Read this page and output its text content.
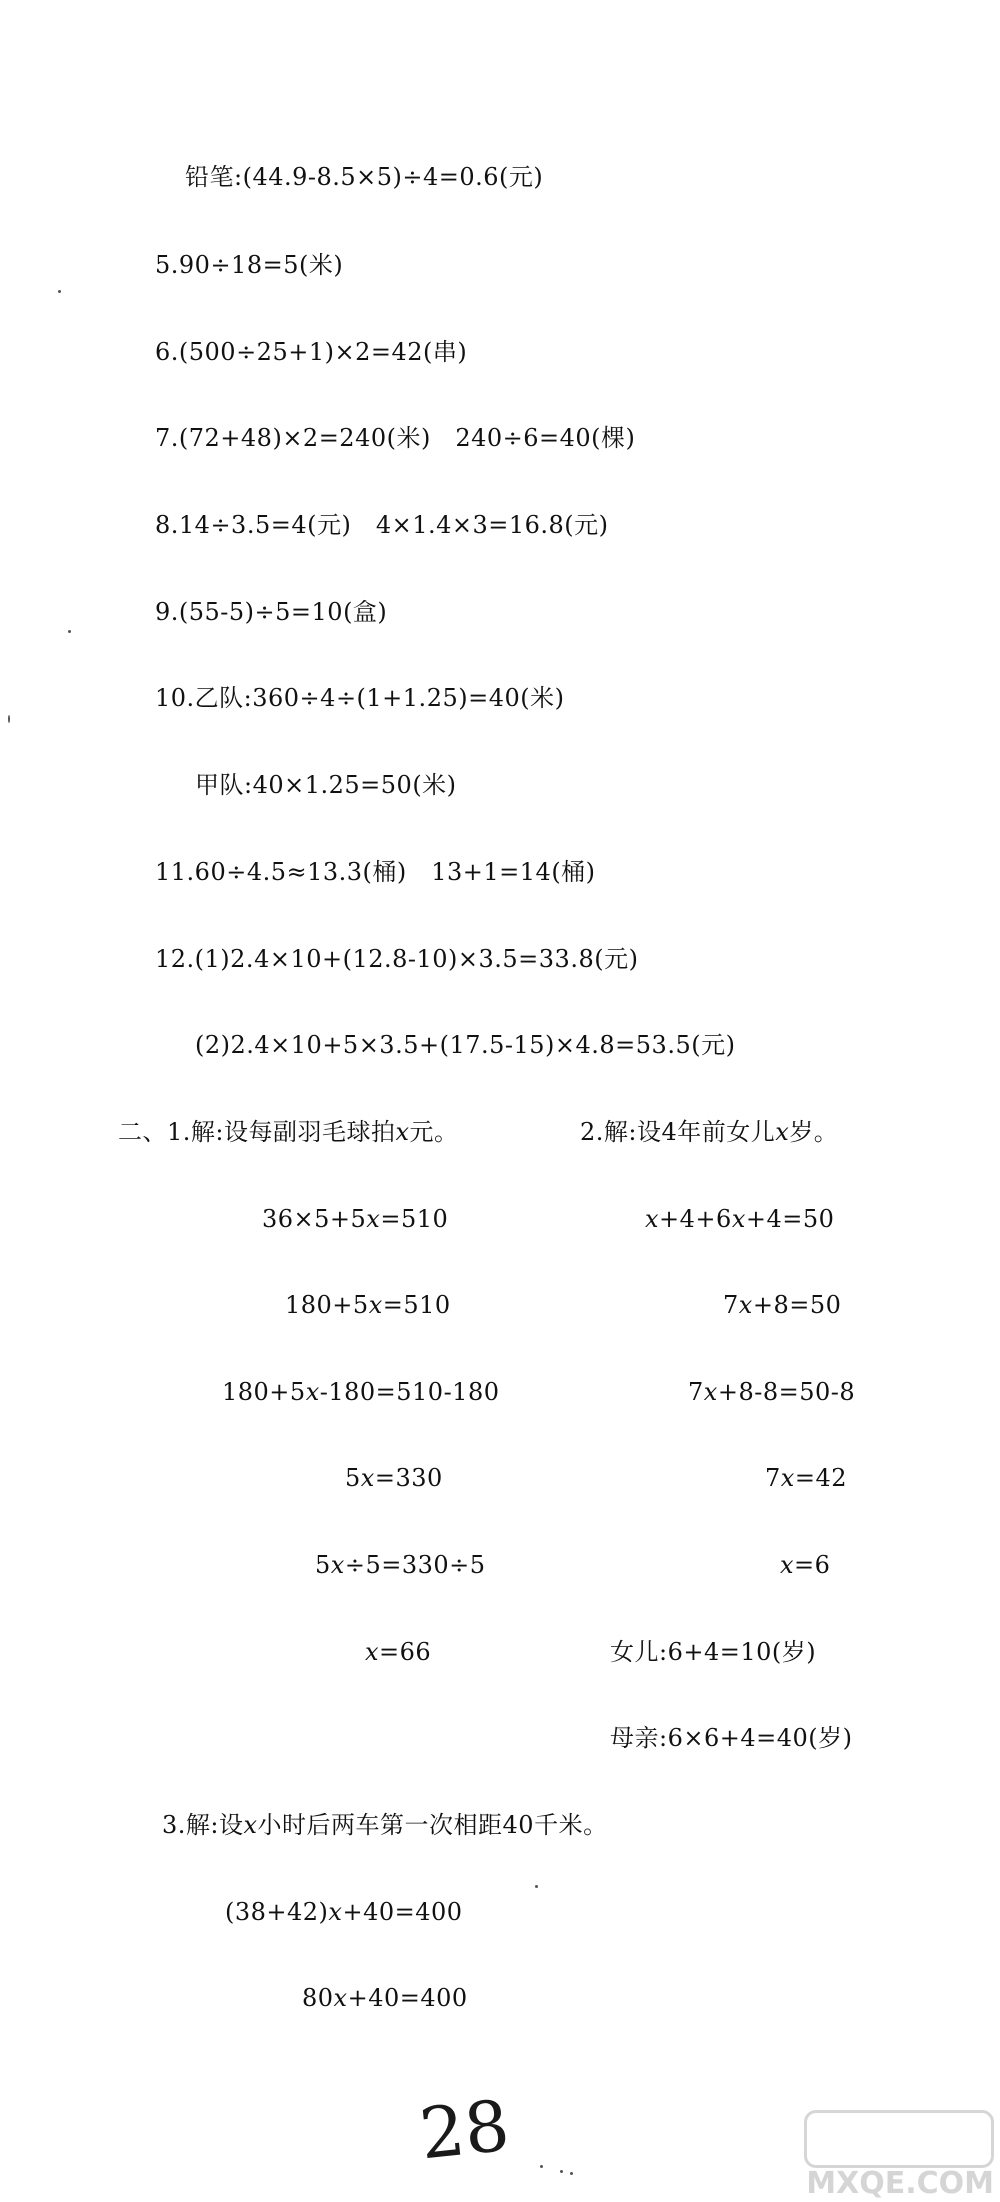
铅笔:(44.9-8.5×5)÷4=0.6(元)
5.90÷18=5(米)
6.(500÷25+1)×2=42(串)
7.(72+48)×2=240(米)　240÷6=40(棵)
8.14÷3.5=4(元)　4×1.4×3=16.8(元)
9.(55-5)÷5=10(盒)
10.乙队:360÷4÷(1+1.25)=40(米)
甲队:40×1.25=50(米)
11.60÷4.5≈13.3(桶)　13+1=14(桶)
12.(1)2.4×10+(12.8-10)×3.5=33.8(元)
(2)2.4×10+5×3.5+(17.5-15)×4.8=53.5(元)
二、1.解:设每副羽毛球拍x元。	2.解:设4年前女儿x岁。
36×5+5x=510
180+5x=510
180+5x-180=510-180
5x=330
5x÷5=330÷5
x=66
x+4+6x+4=50
7x+8=50
7x+8-8=50-8
7x=42
x=6
女儿:6+4=10(岁)
母亲:6×6+4=40(岁)
3.解:设x小时后两车第一次相距40千米。
(38+42)x+40=400
80x+40=400
28
MXQE.COM
